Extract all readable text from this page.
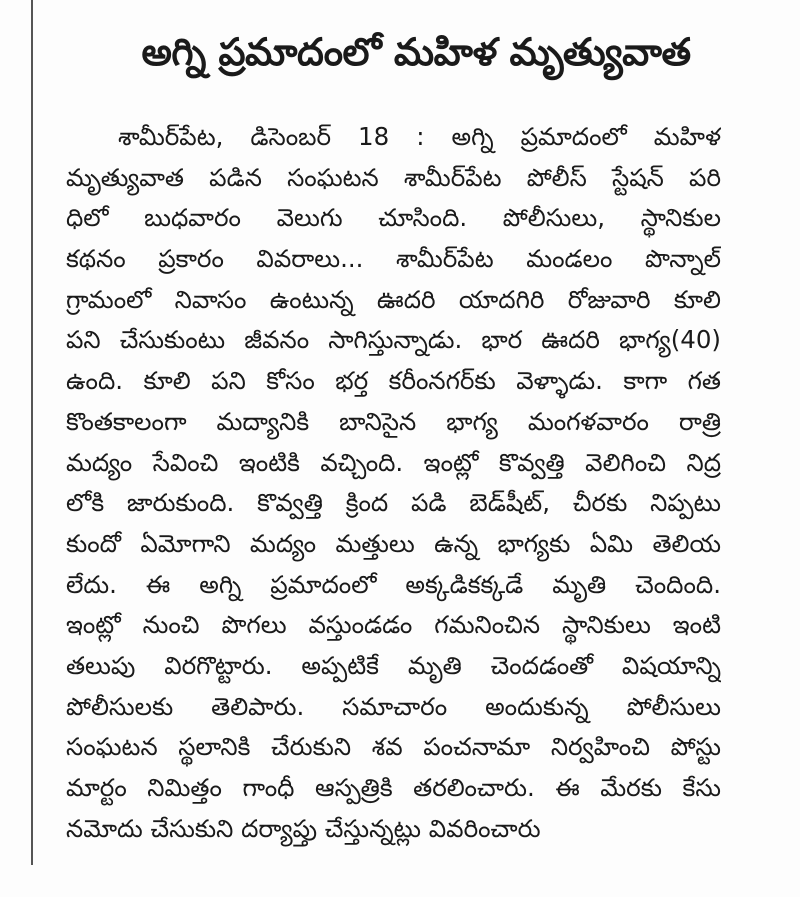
అగ్ని ప్రమాదంలో మహిళ మృత్యువాత
శామీర్‌పేట, డిసెంబర్ 18 : అగ్ని ప్రమాదంలో మహిళ
మృత్యువాత పడిన సంఘటన శామీర్‌పేట పోలీస్ స్టేషన్ పరి
ధిలో బుధవారం వెలుగు చూసింది. పోలీసులు, స్థానికుల
కథనం ప్రకారం వివరాలు... శామీర్‌పేట మండలం పొన్నాల్
గ్రామంలో నివాసం ఉంటున్న ఊదరి యాదగిరి రోజువారి కూలి
పని చేసుకుంటు జీవనం సాగిస్తున్నాడు. భార ఊదరి భాగ్య(40)
ఉంది. కూలి పని కోసం భర్త కరీంనగర్‌కు వెళ్ళాడు. కాగా గత
కొంతకాలంగా మద్యానికి బానిసైన భాగ్య మంగళవారం రాత్రి
మద్యం సేవించి ఇంటికి వచ్చింది. ఇంట్లో కొవ్వత్తి వెలిగించి నిద్ర
లోకి జారుకుంది. కొవ్వత్తి క్రింద పడి బెడ్‌షీట్, చీరకు నిప్పటు
కుందో ఏమోగాని మద్యం మత్తులు ఉన్న భాగ్యకు ఏమి తెలియ
లేదు. ఈ అగ్ని ప్రమాదంలో అక్కడికక్కడే మృతి చెందింది.
ఇంట్లో నుంచి పొగలు వస్తుండడం గమనించిన స్థానికులు ఇంటి
తలుపు విరగొట్టారు. అప్పటికే మృతి చెందడంతో విషయాన్ని
పోలీసులకు తెలిపారు. సమాచారం అందుకున్న పోలీసులు
సంఘటన స్థలానికి చేరుకుని శవ పంచనామా నిర్వహించి పోస్టు
మార్టం నిమిత్తం గాంధీ ఆస్పత్రికి తరలించారు. ఈ మేరకు కేసు
నమోదు చేసుకుని దర్యాప్తు చేస్తున్నట్లు వివరించారు
